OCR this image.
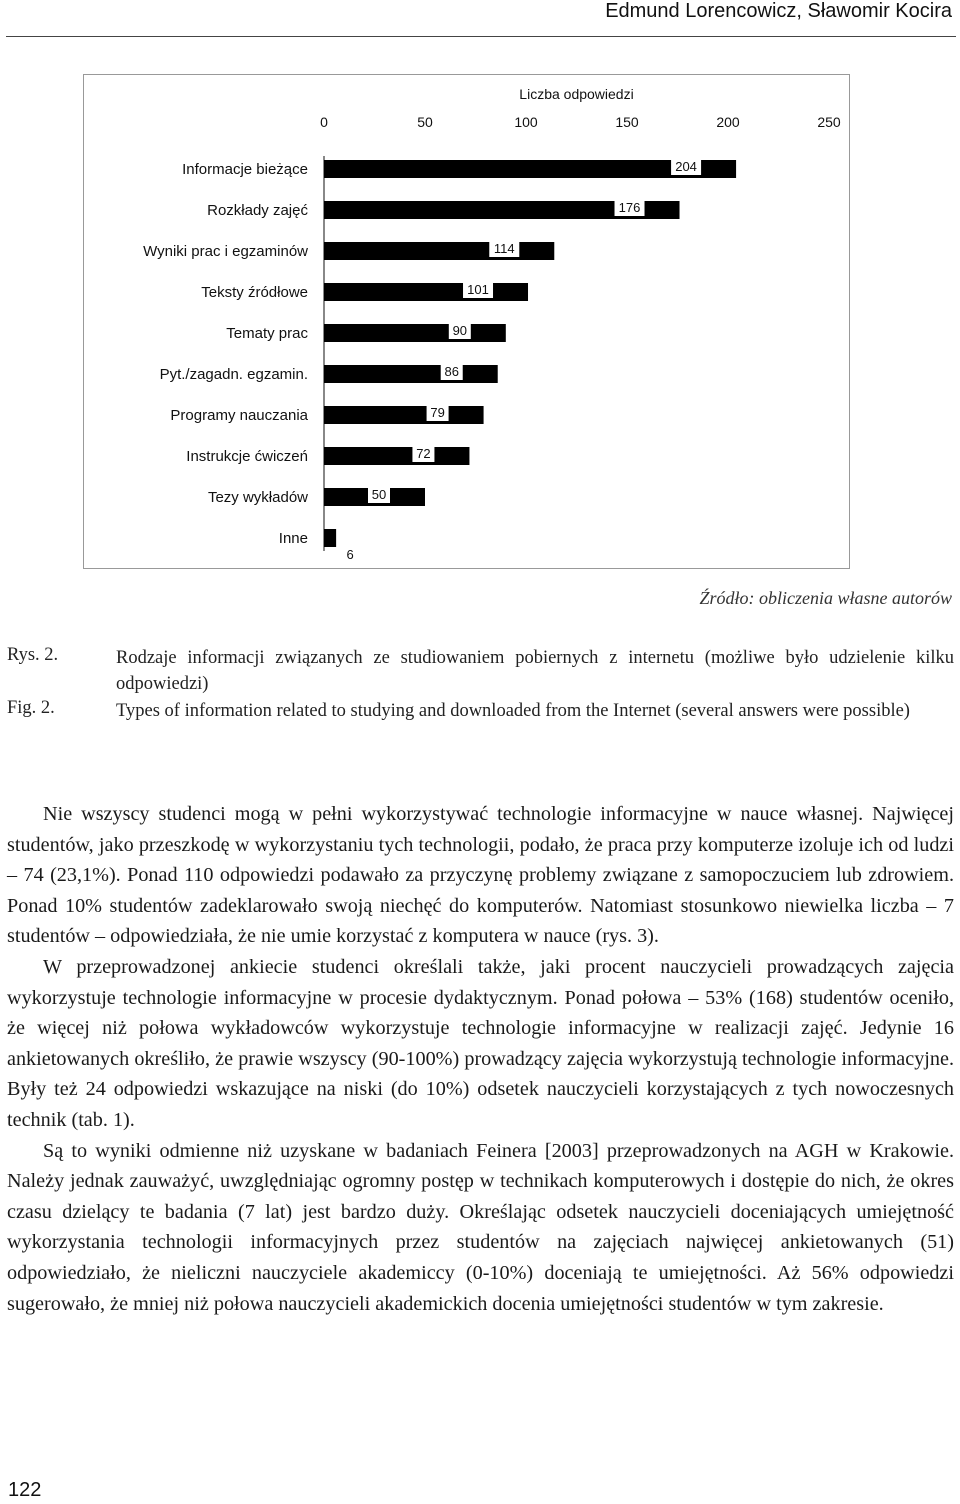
Edmund Lorencowicz, Sławomir Kocira
Liczba odpowiedzi
0	50	100	150	200	250
Informacje bieżące	204
Rozkłady zajęć	176
Wyniki prac i egzaminów	114
Teksty źródłowe	101
Tematy prac	90
Pyt./zagadn. egzamin.	86
Programy nauczania	79
Instrukcje ćwiczeń	72
Tezy wykładów	50
Inne
6
Źródło: obliczenia własne autorów
Rys. 2.	Rodzaje informacji związanych ze studiowaniem pobiernych z internetu (możliwe było udzielenie kilku odpowiedzi)

Fig. 2.	Types of information related to studying and downloaded from the Internet (several answers were possible)

Nie wszyscy studenci mogą w pełni wykorzystywać technologie informacyjne w nauce własnej. Najwięcej studentów, jako przeszkodę w wykorzystaniu tych technologii, podało, że praca przy komputerze izoluje ich od ludzi – 74 (23,1%). Ponad 110 odpowiedzi podawało za przyczynę problemy związane z samopoczuciem lub zdrowiem. Ponad 10% studentów zadeklarowało swoją niechęć do komputerów. Natomiast stosunkowo niewielka liczba – 7 studentów – odpowiedziała, że nie umie korzystać z komputera w nauce (rys. 3).

W przeprowadzonej ankiecie studenci określali także, jaki procent nauczycieli prowadzących zajęcia wykorzystuje technologie informacyjne w procesie dydaktycznym. Ponad połowa – 53% (168) studentów oceniło, że więcej niż połowa wykładowców wykorzystuje technologie informacyjne w realizacji zajęć. Jedynie 16 ankietowanych określiło, że prawie wszyscy (90-100%) prowadzący zajęcia wykorzystują technologie informacyjne. Były też 24 odpowiedzi wskazujące na niski (do 10%) odsetek nauczycieli korzystających z tych nowoczesnych technik (tab. 1).

Są to wyniki odmienne niż uzyskane w badaniach Feinera [2003] przeprowadzonych na AGH w Krakowie. Należy jednak zauważyć, uwzględniając ogromny postęp w technikach komputerowych i dostępie do nich, że okres czasu dzielący te badania (7 lat) jest bardzo duży. Określając odsetek nauczycieli doceniających umiejętność wykorzystania technologii informacyjnych przez studentów na zajęciach najwięcej ankietowanych (51) odpowiedziało, że nieliczni nauczyciele akademiccy (0-10%) doceniają te umiejętności. Aż 56% odpowiedzi sugerowało, że mniej niż połowa nauczycieli akademickich docenia umiejętności studentów w tym zakresie.

122
